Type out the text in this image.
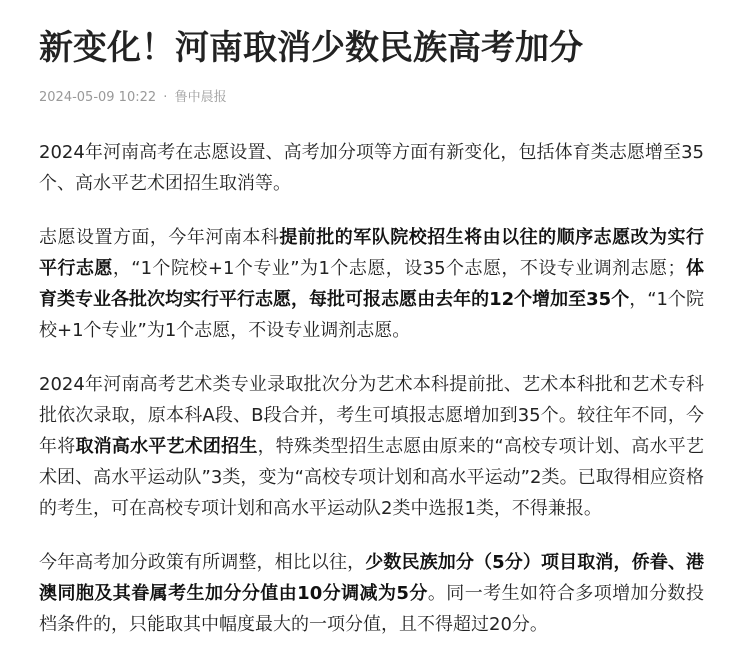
新变化！河南取消少数民族高考加分
2024-05-09 10:22 · 鲁中晨报

2024年河南高考在志愿设置、高考加分项等方面有新变化，包括体育类志愿增至35个、高水平艺术团招生取消等。

志愿设置方面，今年河南本科提前批的军队院校招生将由以往的顺序志愿改为实行平行志愿，“1个院校+1个专业”为1个志愿，设35个志愿，不设专业调剂志愿；体育类专业各批次均实行平行志愿，每批可报志愿由去年的12个增加至35个，“1个院校+1个专业”为1个志愿，不设专业调剂志愿。

2024年河南高考艺术类专业录取批次分为艺术本科提前批、艺术本科批和艺术专科批依次录取，原本科A段、B段合并，考生可填报志愿增加到35个。较往年不同，今年将取消高水平艺术团招生，特殊类型招生志愿由原来的“高校专项计划、高水平艺术团、高水平运动队”3类，变为“高校专项计划和高水平运动”2类。已取得相应资格的考生，可在高校专项计划和高水平运动队2类中选报1类，不得兼报。

今年高考加分政策有所调整，相比以往，少数民族加分（5分）项目取消，侨眷、港澳同胞及其眷属考生加分分值由10分调减为5分。同一考生如符合多项增加分数投档条件的，只能取其中幅度最大的一项分值，且不得超过20分。
